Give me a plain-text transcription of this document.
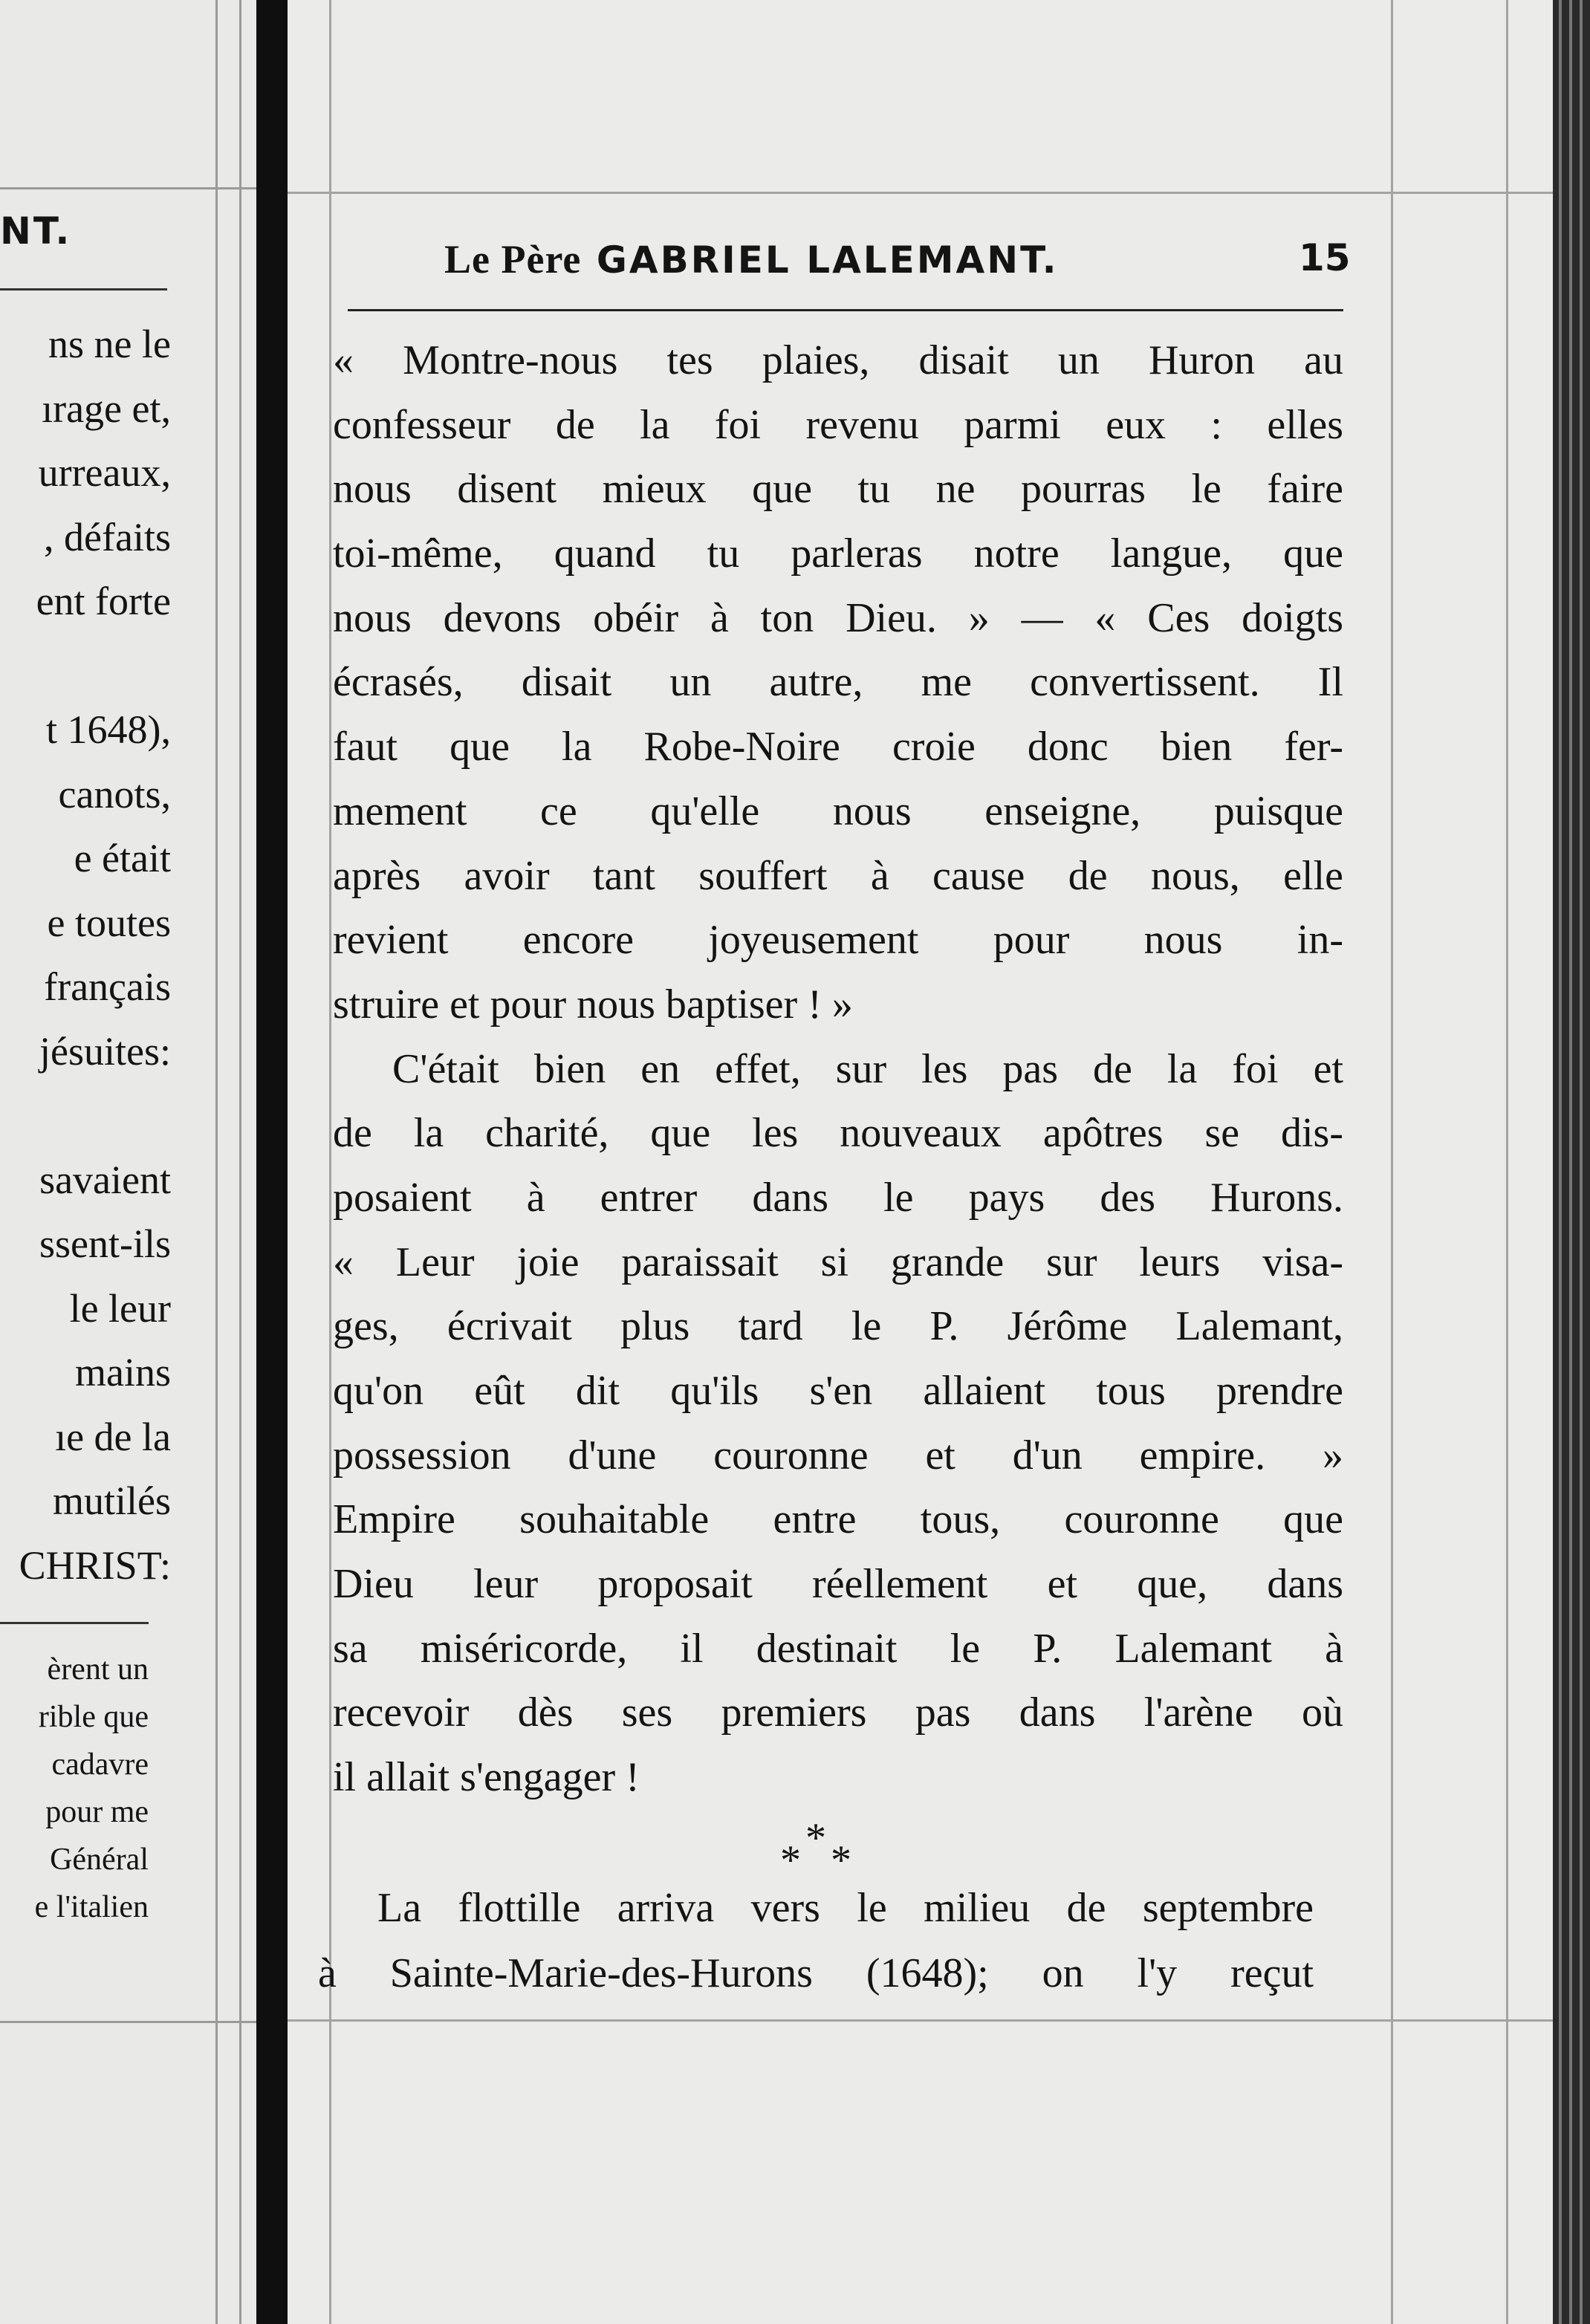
NT.
ns ne le
ırage et,
urreaux,
, défaits
ent forte

t 1648),
canots,
e était
e toutes
français
jésuites:

savaient
ssent-ils
le leur
mains
ıe de la
mutilés
CHRIST:
èrent un
rible que
cadavre
pour me
Général
e l'italien
Le Père GABRIEL LALEMANT.	15
« Montre-nous tes plaies, disait un Huron au
confesseur de la foi revenu parmi eux : elles
nous disent mieux que tu ne pourras le faire
toi-même, quand tu parleras notre langue, que
nous devons obéir à ton Dieu. » — « Ces doigts
écrasés, disait un autre, me convertissent. Il
faut que la Robe-Noire croie donc bien fer-
mement ce qu'elle nous enseigne, puisque
après avoir tant souffert à cause de nous, elle
revient encore joyeusement pour nous in-
struire et pour nous baptiser ! »
C'était bien en effet, sur les pas de la foi et
de la charité, que les nouveaux apôtres se dis-
posaient à entrer dans le pays des Hurons.
« Leur joie paraissait si grande sur leurs visa-
ges, écrivait plus tard le P. Jérôme Lalemant,
qu'on eût dit qu'ils s'en allaient tous prendre
possession d'une couronne et d'un empire. »
Empire souhaitable entre tous, couronne que
Dieu leur proposait réellement et que, dans
sa miséricorde, il destinait le P. Lalemant à
recevoir dès ses premiers pas dans l'arène où
il allait s'engager !
*
* *
La flottille arriva vers le milieu de septembre
à Sainte-Marie-des-Hurons (1648); on l'y reçut
